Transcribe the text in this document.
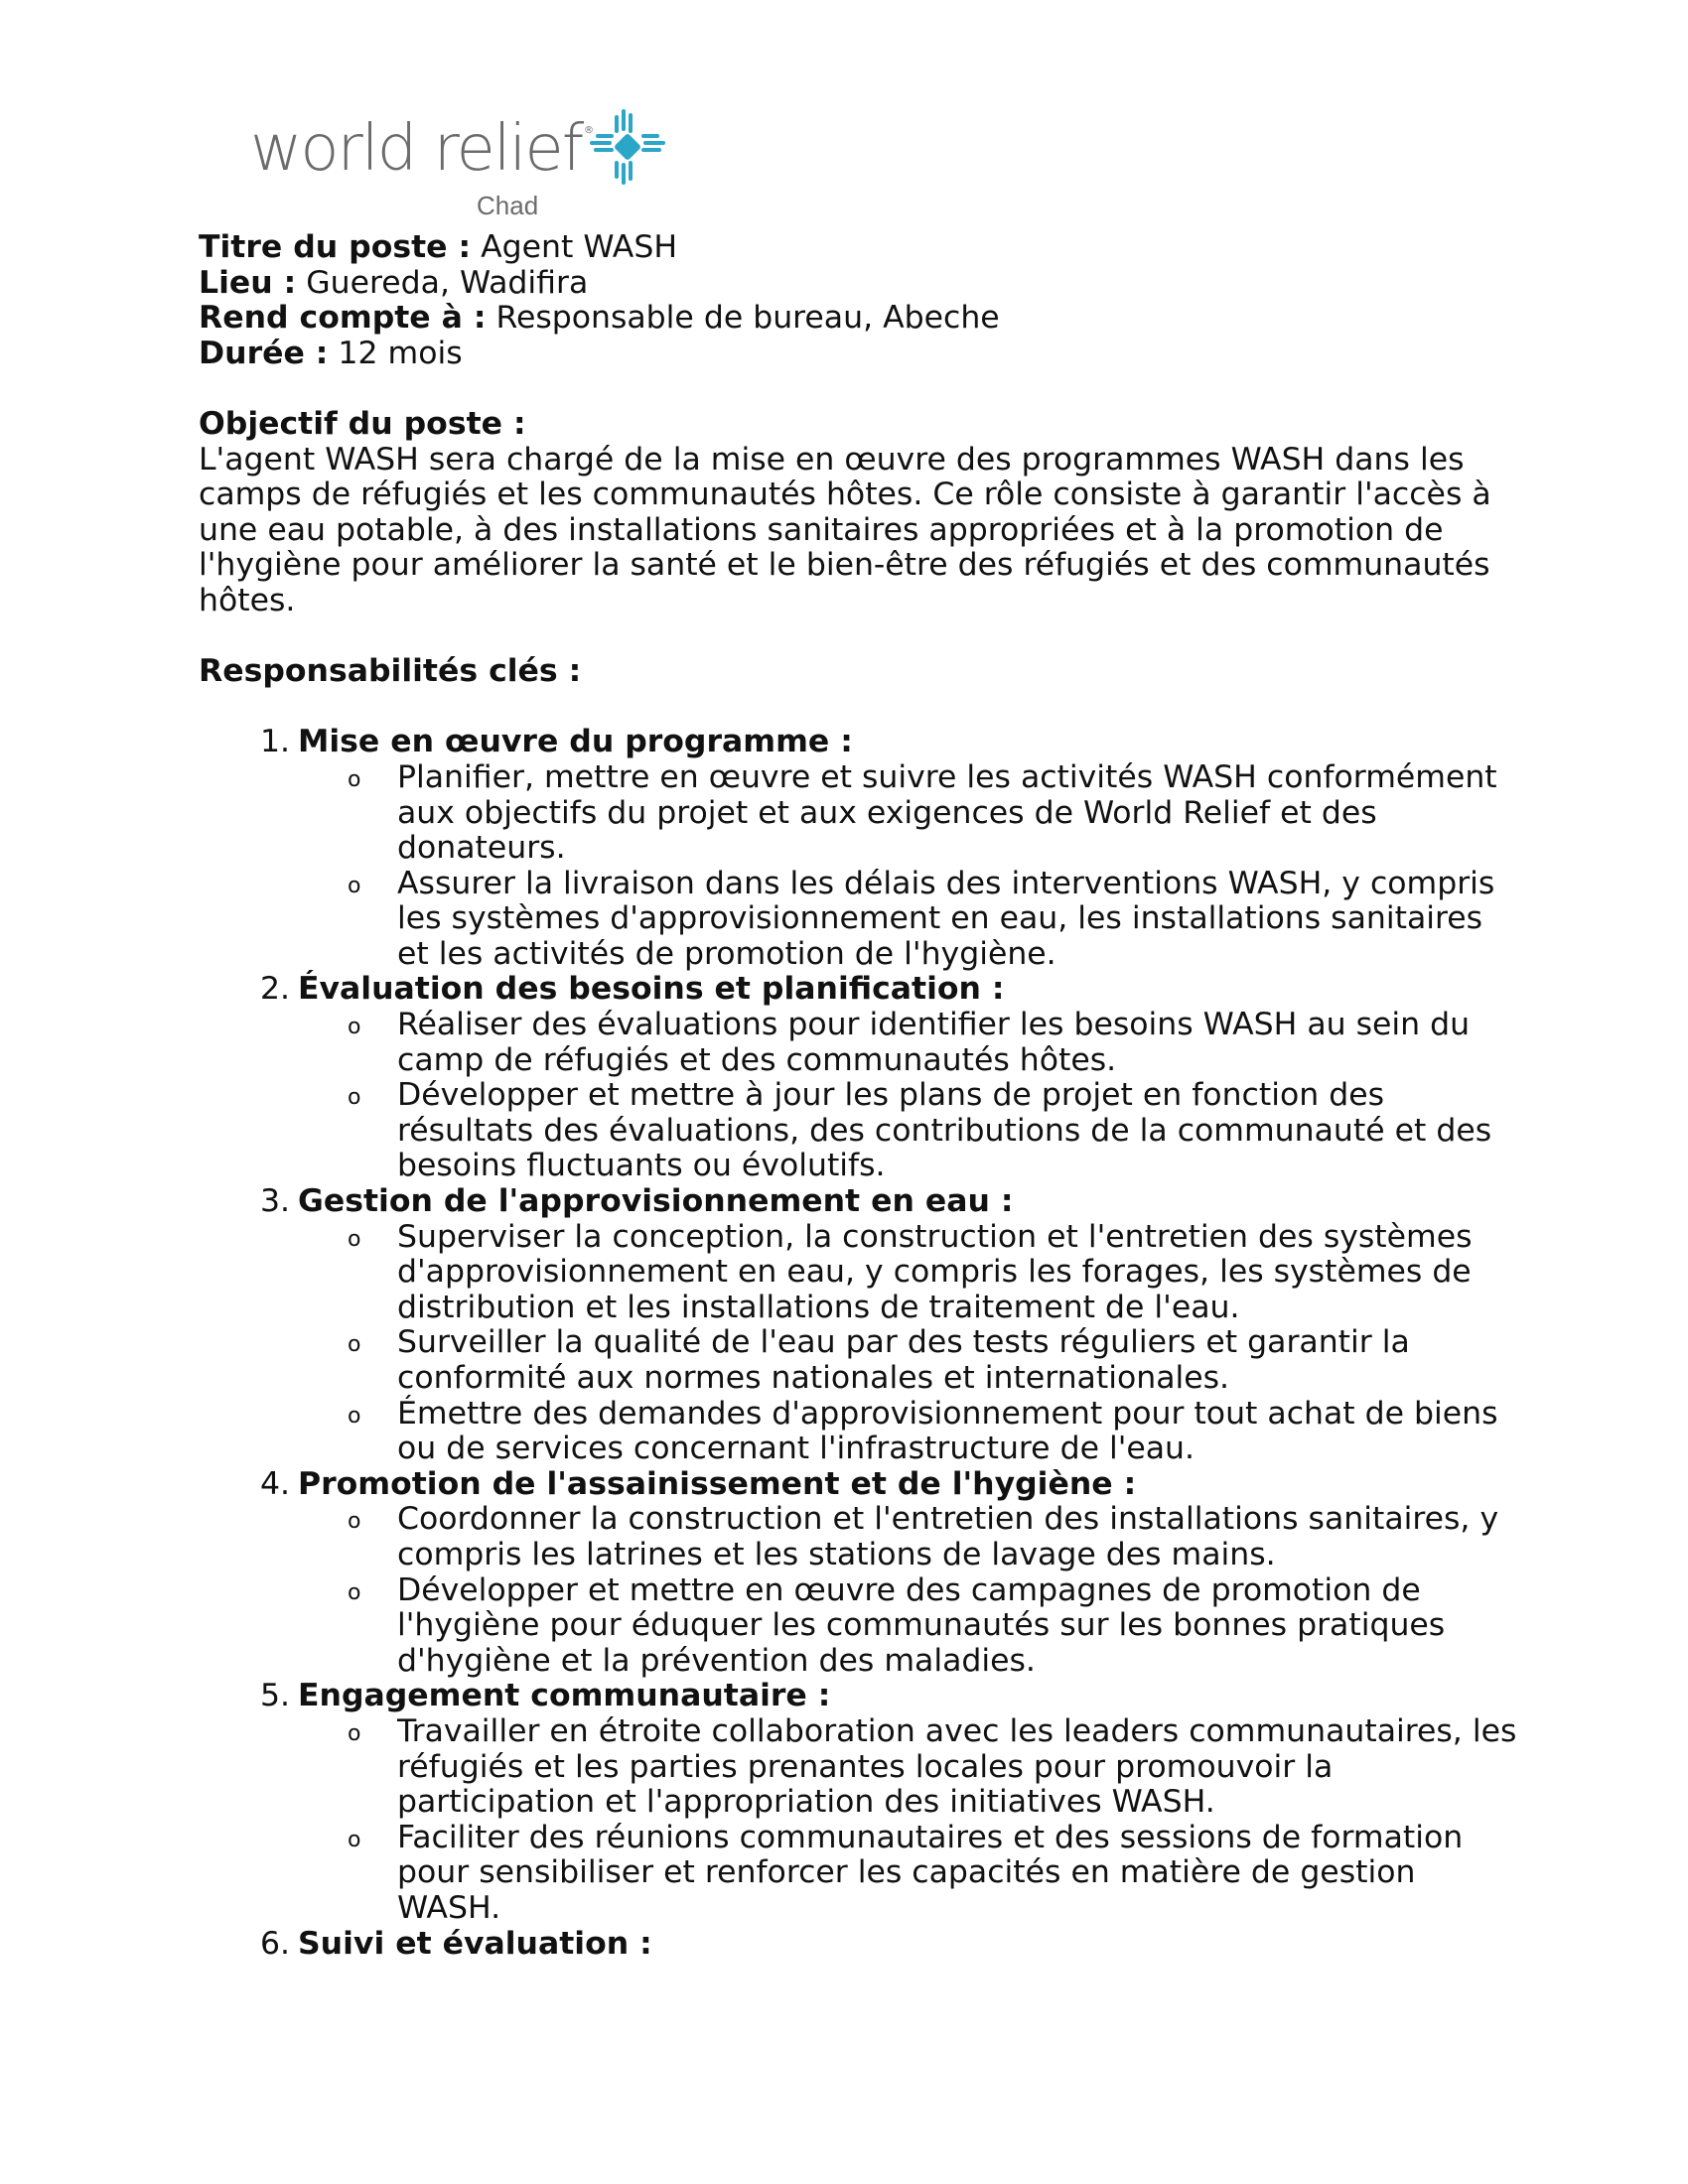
world relief ®
Chad
Titre du poste : Agent WASH
Lieu : Guereda, Wadifira
Rend compte à : Responsable de bureau, Abeche
Durée : 12 mois
Objectif du poste :
L'agent WASH sera chargé de la mise en œuvre des programmes WASH dans les
camps de réfugiés et les communautés hôtes. Ce rôle consiste à garantir l'accès à
une eau potable, à des installations sanitaires appropriées et à la promotion de
l'hygiène pour améliorer la santé et le bien-être des réfugiés et des communautés
hôtes.
Responsabilités clés :
1. Mise en œuvre du programme :
o Planifier, mettre en œuvre et suivre les activités WASH conformément
aux objectifs du projet et aux exigences de World Relief et des
donateurs.
o Assurer la livraison dans les délais des interventions WASH, y compris
les systèmes d'approvisionnement en eau, les installations sanitaires
et les activités de promotion de l'hygiène.
2. Évaluation des besoins et planification :
o Réaliser des évaluations pour identifier les besoins WASH au sein du
camp de réfugiés et des communautés hôtes.
o Développer et mettre à jour les plans de projet en fonction des
résultats des évaluations, des contributions de la communauté et des
besoins fluctuants ou évolutifs.
3. Gestion de l'approvisionnement en eau :
o Superviser la conception, la construction et l'entretien des systèmes
d'approvisionnement en eau, y compris les forages, les systèmes de
distribution et les installations de traitement de l'eau.
o Surveiller la qualité de l'eau par des tests réguliers et garantir la
conformité aux normes nationales et internationales.
o Émettre des demandes d'approvisionnement pour tout achat de biens
ou de services concernant l'infrastructure de l'eau.
4. Promotion de l'assainissement et de l'hygiène :
o Coordonner la construction et l'entretien des installations sanitaires, y
compris les latrines et les stations de lavage des mains.
o Développer et mettre en œuvre des campagnes de promotion de
l'hygiène pour éduquer les communautés sur les bonnes pratiques
d'hygiène et la prévention des maladies.
5. Engagement communautaire :
o Travailler en étroite collaboration avec les leaders communautaires, les
réfugiés et les parties prenantes locales pour promouvoir la
participation et l'appropriation des initiatives WASH.
o Faciliter des réunions communautaires et des sessions de formation
pour sensibiliser et renforcer les capacités en matière de gestion
WASH.
6. Suivi et évaluation :
